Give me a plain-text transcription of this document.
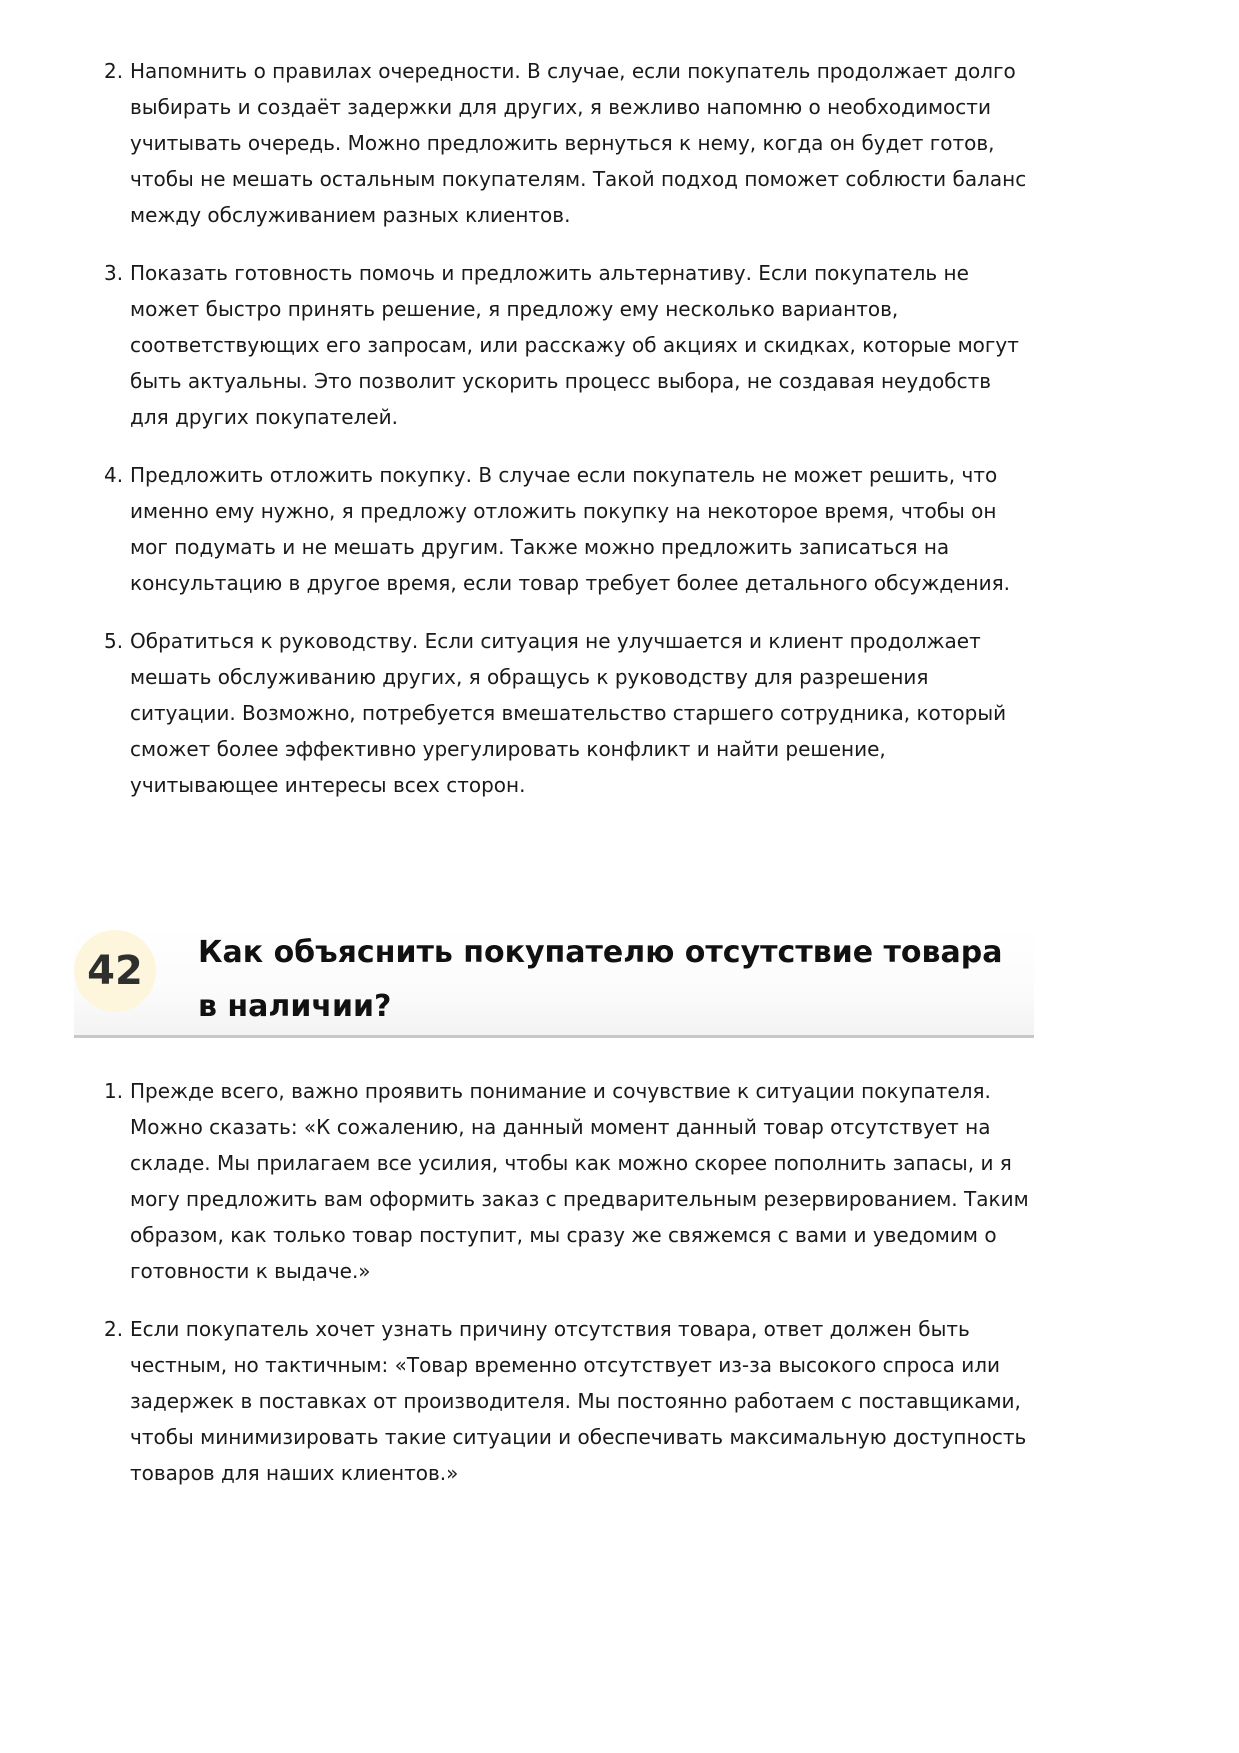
2. Напомнить о правилах очередности. В случае, если покупатель продолжает долго выбирать и создаёт задержки для других, я вежливо напомню о необходимости учитывать очередь. Можно предложить вернуться к нему, когда он будет готов, чтобы не мешать остальным покупателям. Такой подход поможет соблюсти баланс между обслуживанием разных клиентов.
3. Показать готовность помочь и предложить альтернативу. Если покупатель не может быстро принять решение, я предложу ему несколько вариантов, соответствующих его запросам, или расскажу об акциях и скидках, которые могут быть актуальны. Это позволит ускорить процесс выбора, не создавая неудобств для других покупателей.
4. Предложить отложить покупку. В случае если покупатель не может решить, что именно ему нужно, я предложу отложить покупку на некоторое время, чтобы он мог подумать и не мешать другим. Также можно предложить записаться на консультацию в другое время, если товар требует более детального обсуждения.
5. Обратиться к руководству. Если ситуация не улучшается и клиент продолжает мешать обслуживанию других, я обращусь к руководству для разрешения ситуации. Возможно, потребуется вмешательство старшего сотрудника, который сможет более эффективно урегулировать конфликт и найти решение, учитывающее интересы всех сторон.
42	Как объяснить покупателю отсутствие товара в наличии?
1. Прежде всего, важно проявить понимание и сочувствие к ситуации покупателя. Можно сказать: «К сожалению, на данный момент данный товар отсутствует на складе. Мы прилагаем все усилия, чтобы как можно скорее пополнить запасы, и я могу предложить вам оформить заказ с предварительным резервированием. Таким образом, как только товар поступит, мы сразу же свяжемся с вами и уведомим о готовности к выдаче.»
2. Если покупатель хочет узнать причину отсутствия товара, ответ должен быть честным, но тактичным: «Товар временно отсутствует из-за высокого спроса или задержек в поставках от производителя. Мы постоянно работаем с поставщиками, чтобы минимизировать такие ситуации и обеспечивать максимальную доступность товаров для наших клиентов.»
